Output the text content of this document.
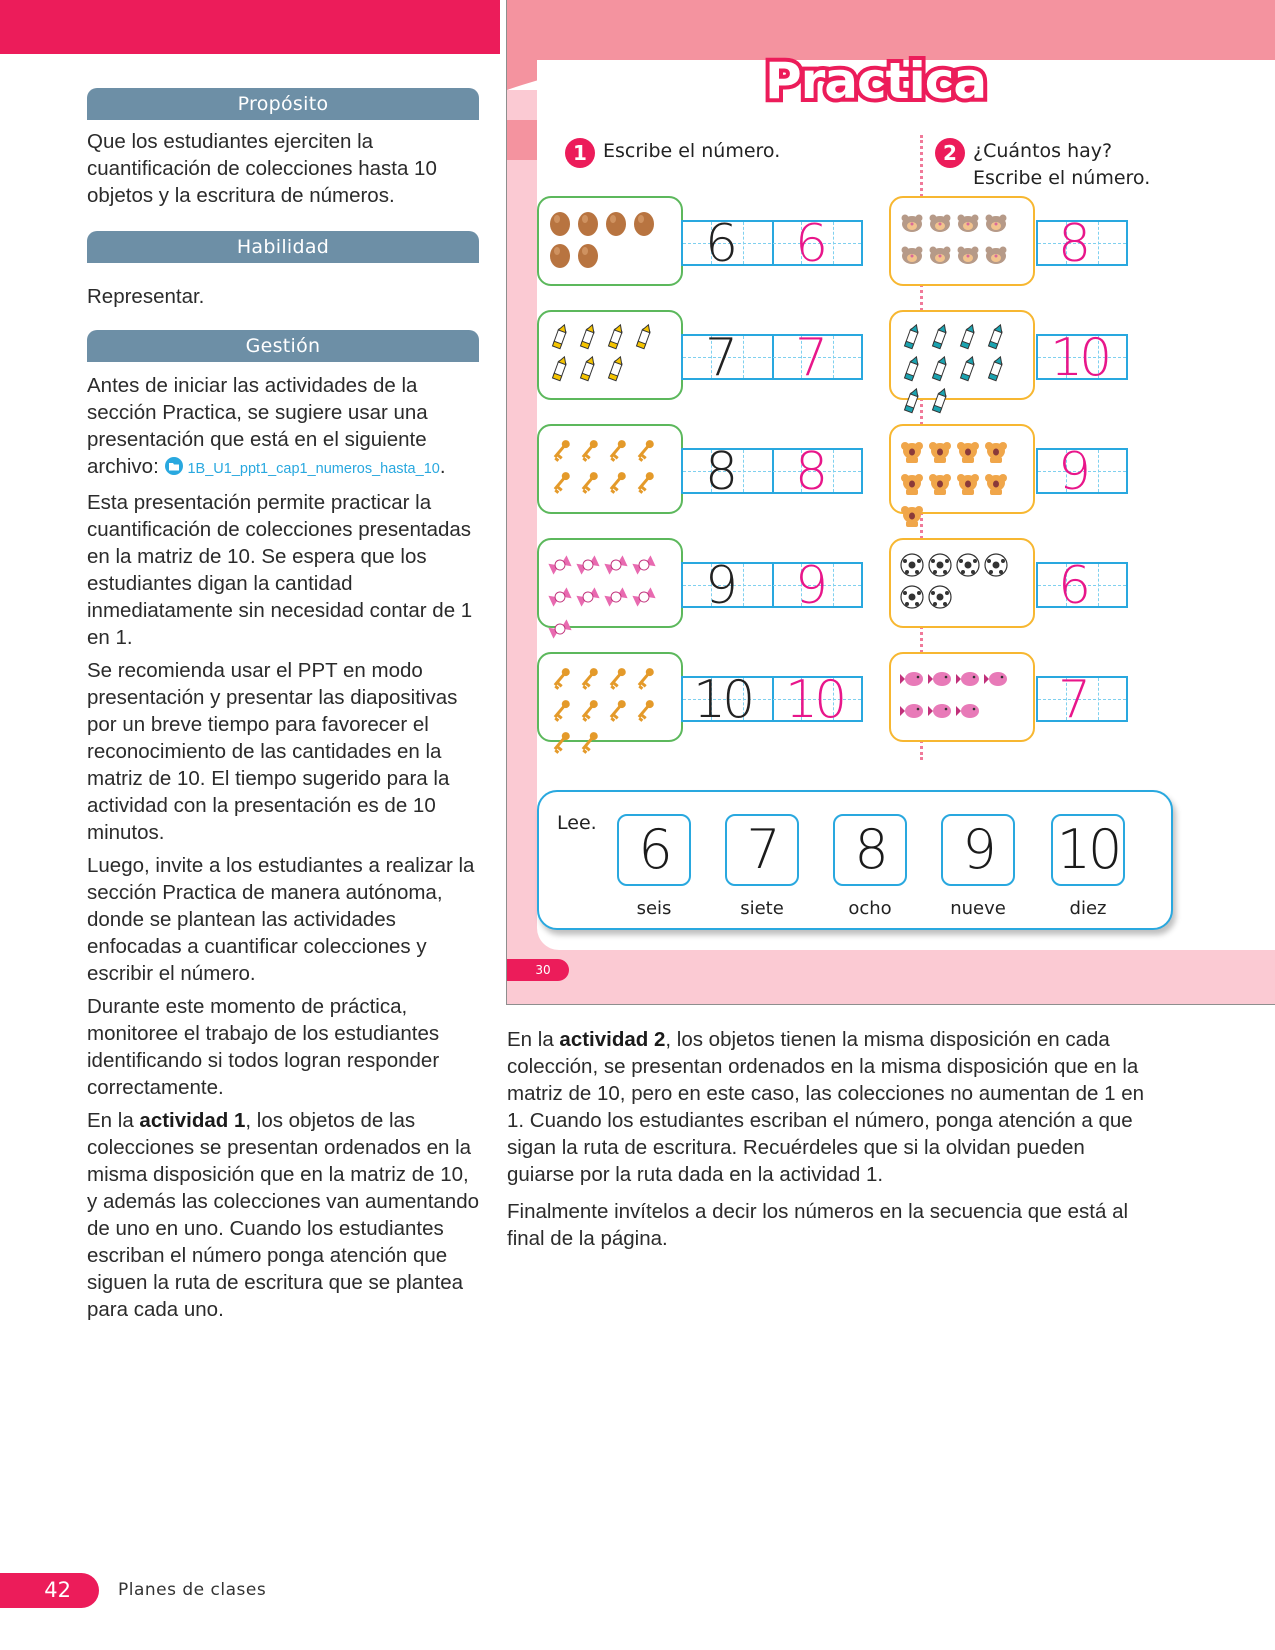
Propósito

Que los estudiantes ejerciten la cuantificación de colecciones hasta 10 objetos y la escritura de números.

Habilidad

Representar.

Gestión

Antes de iniciar las actividades de la sección Practica, se sugiere usar una presentación que está en el siguiente archivo: 1B_U1_ppt1_cap1_numeros_hasta_10.

Esta presentación permite practicar la cuantificación de colecciones presentadas en la matriz de 10. Se espera que los estudiantes digan la cantidad inmediatamente sin necesidad contar de 1 en 1.

Se recomienda usar el PPT en modo presentación y presentar las diapositivas por un breve tiempo para favorecer el reconocimiento de las cantidades en la matriz de 10. El tiempo sugerido para la actividad con la presentación es de 10 minutos.

Luego, invite a los estudiantes a realizar la sección Practica de manera autónoma, donde se plantean las actividades enfocadas a cuantificar colecciones y escribir el número.

Durante este momento de práctica, monitoree el trabajo de los estudiantes identificando si todos logran responder correctamente.

En la actividad 1, los objetos de las colecciones se presentan ordenados en la misma disposición que en la matriz de 10, y además las colecciones van aumentando de uno en uno. Cuando los estudiantes escriban el número ponga atención que siguen la ruta de escritura que se plantea para cada uno.

Practica
1 Escribe el número.	2 ¿Cuántos hay?
Escribe el número.
6 6
7 7
8 8
9 9
10 10
8
10
9
6
7
Lee. 6
seis
7
siete
8
ocho
9
nueve
10
diez
30

En la actividad 2, los objetos tienen la misma disposición en cada colección, se presentan ordenados en la misma disposición que en la matriz de 10, pero en este caso, las colecciones no aumentan de 1 en 1. Cuando los estudiantes escriban el número, ponga atención a que sigan la ruta de escritura. Recuérdeles que si la olvidan pueden guiarse por la ruta dada en la actividad 1.

Finalmente invítelos a decir los números en la secuencia que está al final de la página.

42	Planes de clases
